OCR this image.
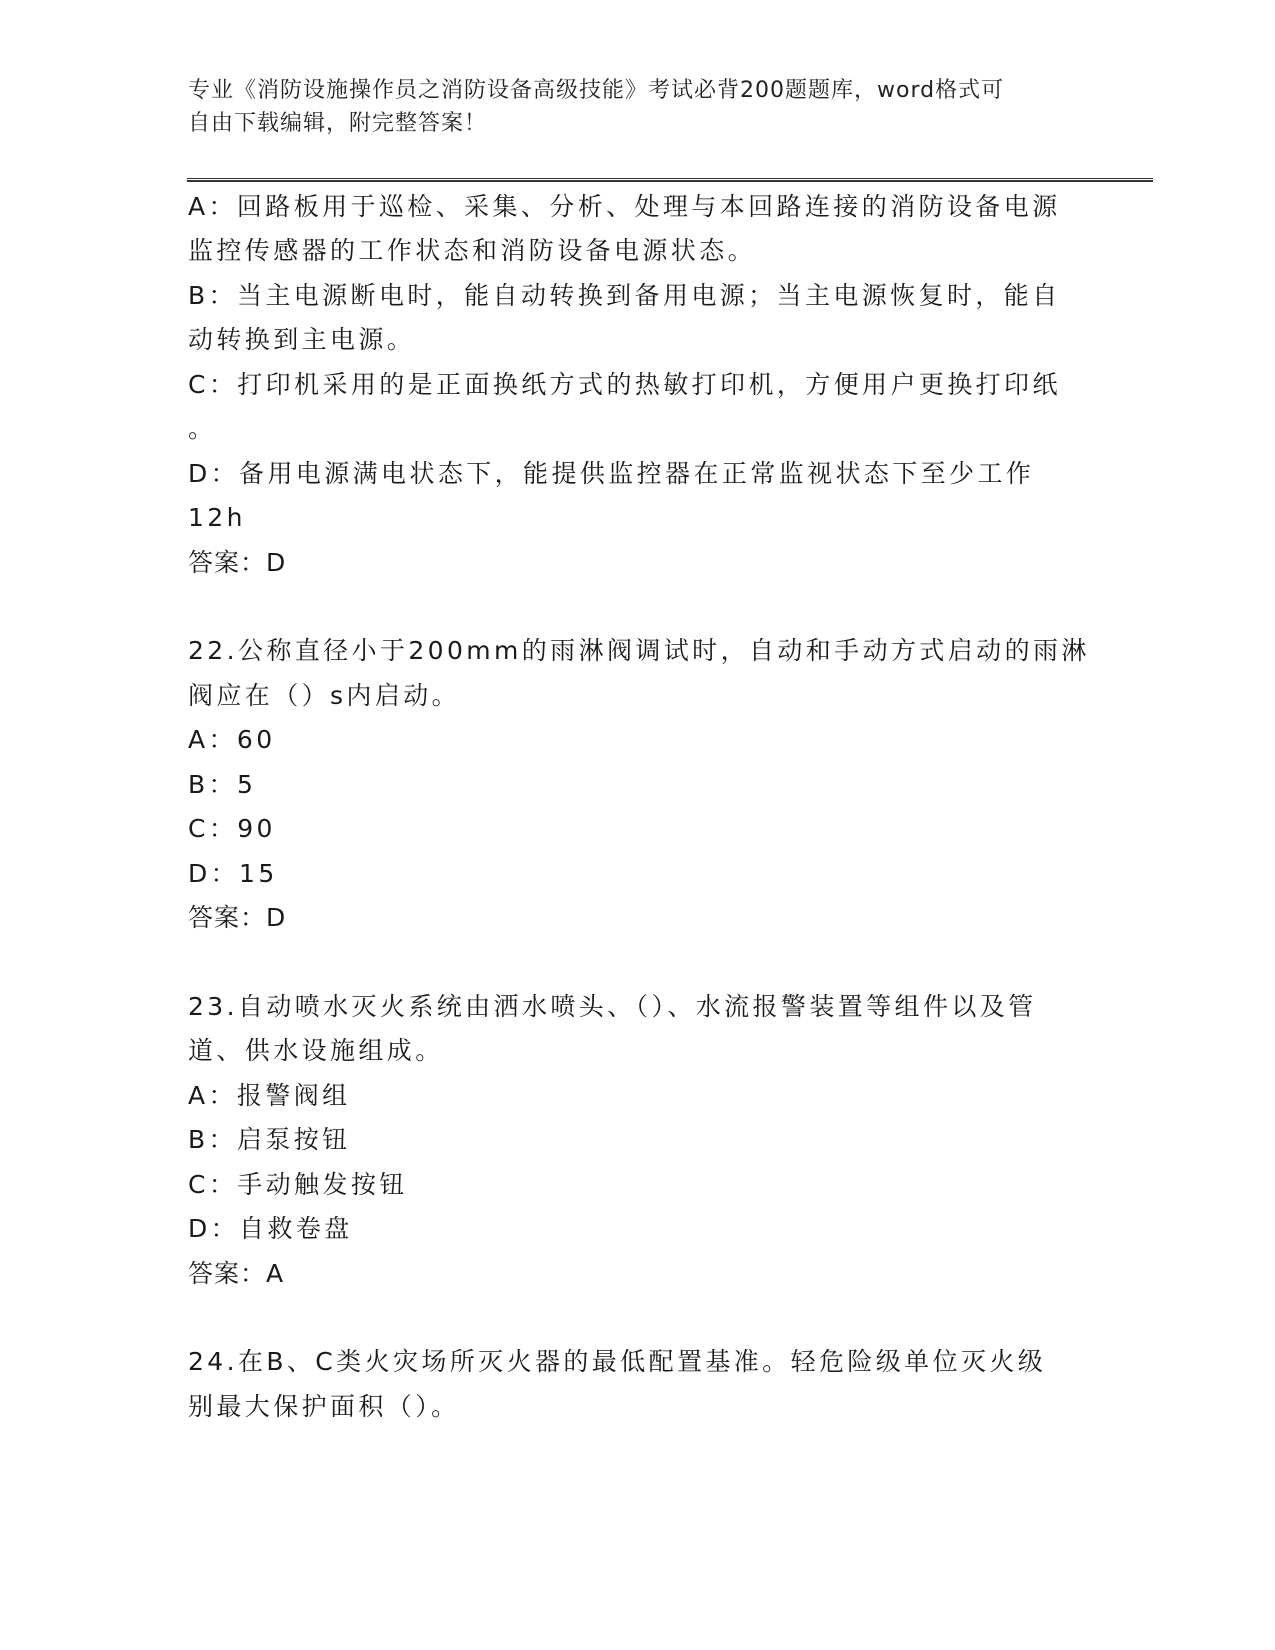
专业《消防设施操作员之消防设备高级技能》考试必背200题题库，word格式可
自由下载编辑，附完整答案！
A：回路板用于巡检、采集、分析、处理与本回路连接的消防设备电源
监控传感器的工作状态和消防设备电源状态。
B：当主电源断电时，能自动转换到备用电源；当主电源恢复时，能自
动转换到主电源。
C：打印机采用的是正面换纸方式的热敏打印机，方便用户更换打印纸
。
D：备用电源满电状态下，能提供监控器在正常监视状态下至少工作
12h
答案：D
22.公称直径小于200mm的雨淋阀调试时，自动和手动方式启动的雨淋
阀应在（）s内启动。
A：60
B：5
C：90
D：15
答案：D
23.自动喷水灭火系统由洒水喷头、（）、水流报警装置等组件以及管
道、供水设施组成。
A：报警阀组
B：启泵按钮
C：手动触发按钮
D：自救卷盘
答案：A
24.在B、C类火灾场所灭火器的最低配置基准。轻危险级单位灭火级
别最大保护面积（）。
